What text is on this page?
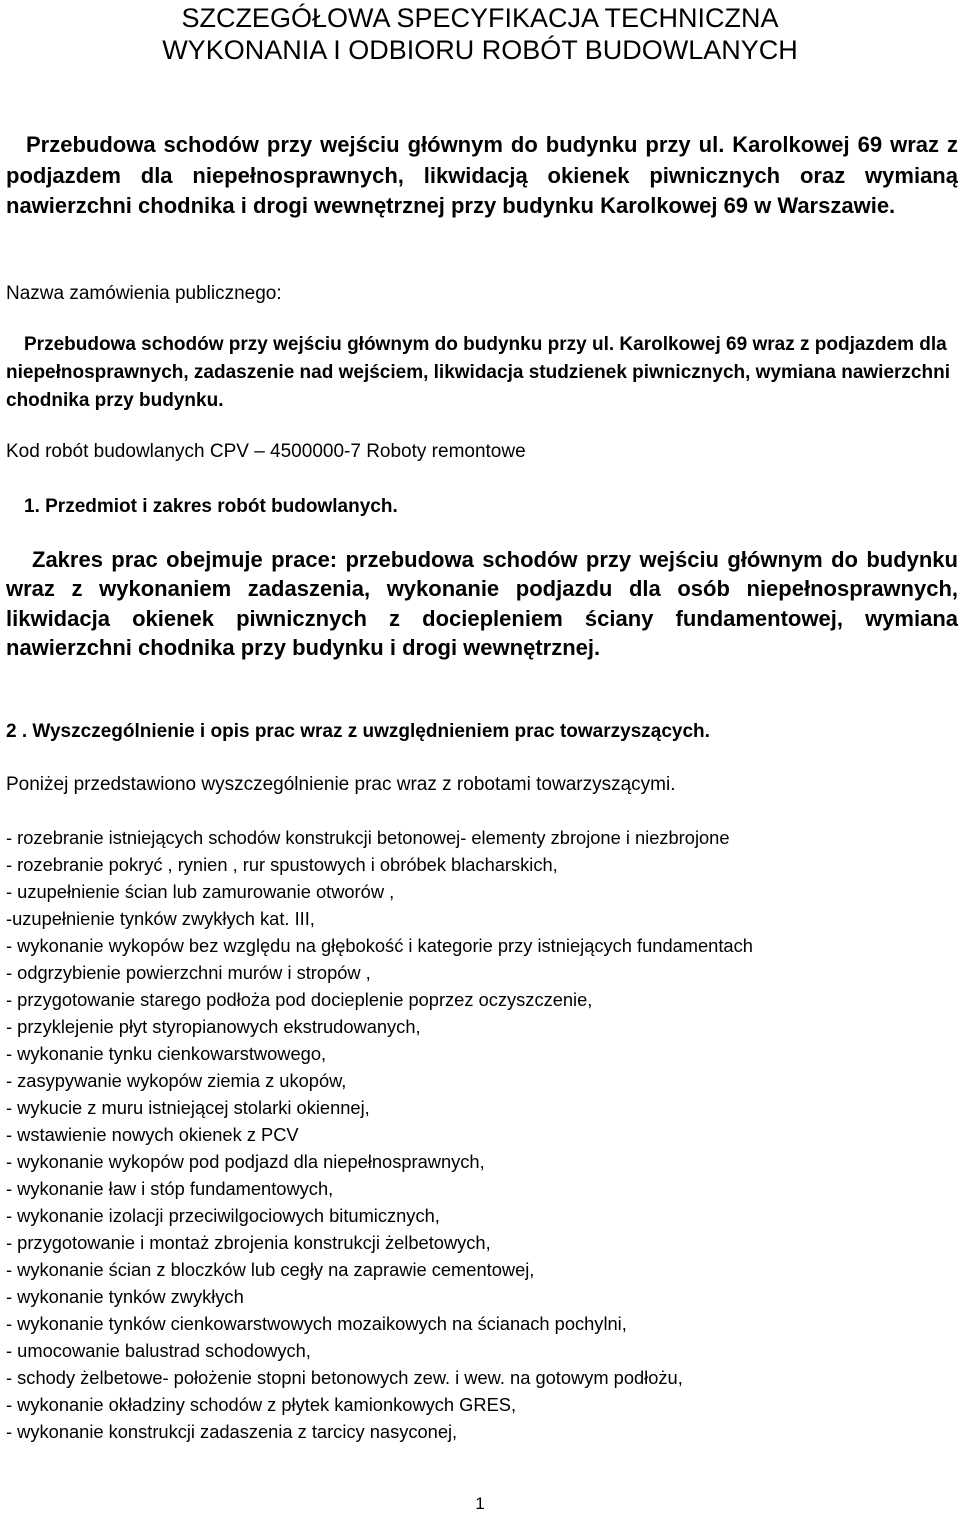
SZCZEGÓŁOWA SPECYFIKACJA TECHNICZNA
WYKONANIA I ODBIORU ROBÓT BUDOWLANYCH
Przebudowa schodów przy wejściu głównym do budynku przy ul. Karolkowej 69 wraz z podjazdem dla niepełnosprawnych, likwidacją okienek piwnicznych oraz wymianą nawierzchni chodnika i drogi wewnętrznej przy budynku Karolkowej 69 w Warszawie.
Nazwa zamówienia publicznego:
Przebudowa schodów przy wejściu głównym do budynku przy ul. Karolkowej 69 wraz z podjazdem dla niepełnosprawnych, zadaszenie nad wejściem, likwidacja studzienek piwnicznych, wymiana nawierzchni chodnika przy budynku.
Kod robót budowlanych CPV – 4500000-7 Roboty remontowe
1. Przedmiot i zakres robót budowlanych.
Zakres prac obejmuje prace: przebudowa schodów przy wejściu głównym do budynku wraz z wykonaniem zadaszenia, wykonanie podjazdu dla osób niepełnosprawnych, likwidacja okienek piwnicznych z dociepleniem ściany fundamentowej, wymiana nawierzchni chodnika przy budynku i drogi wewnętrznej.
2 . Wyszczególnienie i opis prac wraz z uwzględnieniem prac towarzyszących.
Poniżej przedstawiono wyszczególnienie prac wraz z robotami towarzyszącymi.
- rozebranie istniejących schodów konstrukcji betonowej- elementy zbrojone i niezbrojone
- rozebranie pokryć , rynien , rur spustowych i obróbek blacharskich,
- uzupełnienie ścian lub zamurowanie otworów ,
-uzupełnienie tynków zwykłych kat. III,
- wykonanie wykopów bez względu na głębokość i kategorie przy istniejących fundamentach
- odgrzybienie powierzchni murów i stropów ,
- przygotowanie starego podłoża pod docieplenie poprzez oczyszczenie,
- przyklejenie płyt styropianowych ekstrudowanych,
- wykonanie tynku cienkowarstwowego,
- zasypywanie wykopów ziemia z ukopów,
- wykucie z muru istniejącej stolarki okiennej,
- wstawienie nowych okienek z PCV
- wykonanie wykopów pod podjazd dla niepełnosprawnych,
- wykonanie ław i stóp fundamentowych,
- wykonanie izolacji przeciwilgociowych bitumicznych,
- przygotowanie i montaż zbrojenia konstrukcji żelbetowych,
- wykonanie ścian z bloczków lub cegły na zaprawie cementowej,
- wykonanie tynków zwykłych
- wykonanie tynków cienkowarstwowych mozaikowych na ścianach pochylni,
- umocowanie balustrad schodowych,
- schody żelbetowe- położenie stopni betonowych zew. i wew. na gotowym podłożu,
- wykonanie okładziny schodów z płytek kamionkowych GRES,
- wykonanie konstrukcji zadaszenia z tarcicy nasyconej,
1
